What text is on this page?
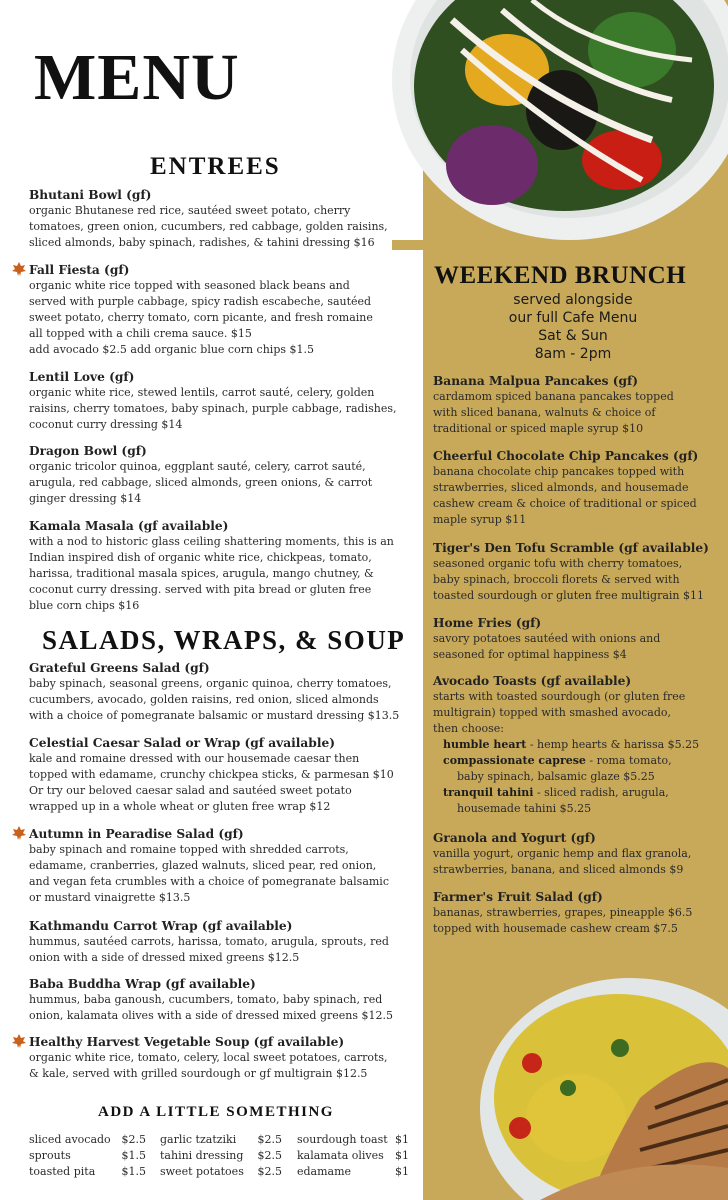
MENU
ENTREES
SALADS, WRAPS, & SOUP
ADD A LITTLE SOMETHING
WEEKEND BRUNCH
served alongside
our full Cafe Menu
Sat & Sun
8am - 2pm
Bhutani Bowl (gf)
organic Bhutanese red rice, sautéed sweet potato, cherry
tomatoes, green onion, cucumbers, red cabbage, golden raisins,
sliced almonds, baby spinach, radishes, & tahini dressing $16
Fall Fiesta (gf)
organic white rice topped with seasoned black beans and
served with purple cabbage, spicy radish escabeche, sautéed
sweet potato, cherry tomato, corn picante, and fresh romaine
all topped with a chili crema sauce. $15
add avocado $2.5 add organic blue corn chips $1.5
Lentil Love (gf)
organic white rice, stewed lentils, carrot sauté, celery, golden
raisins, cherry tomatoes, baby spinach, purple cabbage, radishes,
coconut curry dressing $14
Dragon Bowl (gf)
organic tricolor quinoa, eggplant sauté, celery, carrot sauté,
arugula, red cabbage, sliced almonds, green onions, & carrot
ginger dressing $14
Kamala Masala (gf available)
with a nod to historic glass ceiling shattering moments, this is an
Indian inspired dish of organic white rice, chickpeas, tomato,
harissa, traditional masala spices, arugula, mango chutney, &
coconut curry dressing. served with pita bread or gluten free
blue corn chips $16
Grateful Greens Salad (gf)
baby spinach, seasonal greens, organic quinoa, cherry tomatoes,
cucumbers, avocado, golden raisins, red onion, sliced almonds
with a choice of pomegranate balsamic or mustard dressing $13.5
Celestial Caesar Salad or Wrap (gf available)
kale and romaine dressed with our housemade caesar then
topped with edamame, crunchy chickpea sticks, & parmesan $10
Or try our beloved caesar salad and sautéed sweet potato
wrapped up in a whole wheat or gluten free wrap $12
Autumn in Pearadise Salad (gf)
baby spinach and romaine topped with shredded carrots,
edamame, cranberries, glazed walnuts, sliced pear, red onion,
and vegan feta crumbles with a choice of pomegranate balsamic
or mustard vinaigrette $13.5
Kathmandu Carrot Wrap (gf available)
hummus, sautéed carrots, harissa, tomato, arugula, sprouts, red
onion with a side of dressed mixed greens $12.5
Baba Buddha Wrap (gf available)
hummus, baba ganoush, cucumbers, tomato, baby spinach, red
onion, kalamata olives with a side of dressed mixed greens $12.5
Healthy Harvest Vegetable Soup (gf available)
organic white rice, tomato, celery, local sweet potatoes, carrots,
& kale, served with grilled sourdough or gf multigrain $12.5
sliced avocado $2.5 garlic tzatziki $2.5 sourdough toast $1
sprouts	$1.5 tahini dressing $2.5 kalamata olives $1
toasted pita $1.5 sweet potatoes $2.5 edamame	$1
Banana Malpua Pancakes (gf)
cardamom spiced banana pancakes topped
with sliced banana, walnuts & choice of
traditional or spiced maple syrup $10
Cheerful Chocolate Chip Pancakes (gf)
banana chocolate chip pancakes topped with
strawberries, sliced almonds, and housemade
cashew cream & choice of traditional or spiced
maple syrup $11
Tiger's Den Tofu Scramble (gf available)
seasoned organic tofu with cherry tomatoes,
baby spinach, broccoli florets & served with
toasted sourdough or gluten free multigrain $11
Home Fries (gf)
savory potatoes sautéed with onions and
seasoned for optimal happiness $4
Avocado Toasts (gf available)
starts with toasted sourdough (or gluten free
multigrain) topped with smashed avocado,
then choose:
humble heart - hemp hearts & harissa $5.25
compassionate caprese - roma tomato,
baby spinach, balsamic glaze $5.25
tranquil tahini - sliced radish, arugula,
housemade tahini $5.25
Granola and Yogurt (gf)
vanilla yogurt, organic hemp and flax granola,
strawberries, banana, and sliced almonds $9
Farmer's Fruit Salad (gf)
bananas, strawberries, grapes, pineapple $6.5
topped with housemade cashew cream $7.5
